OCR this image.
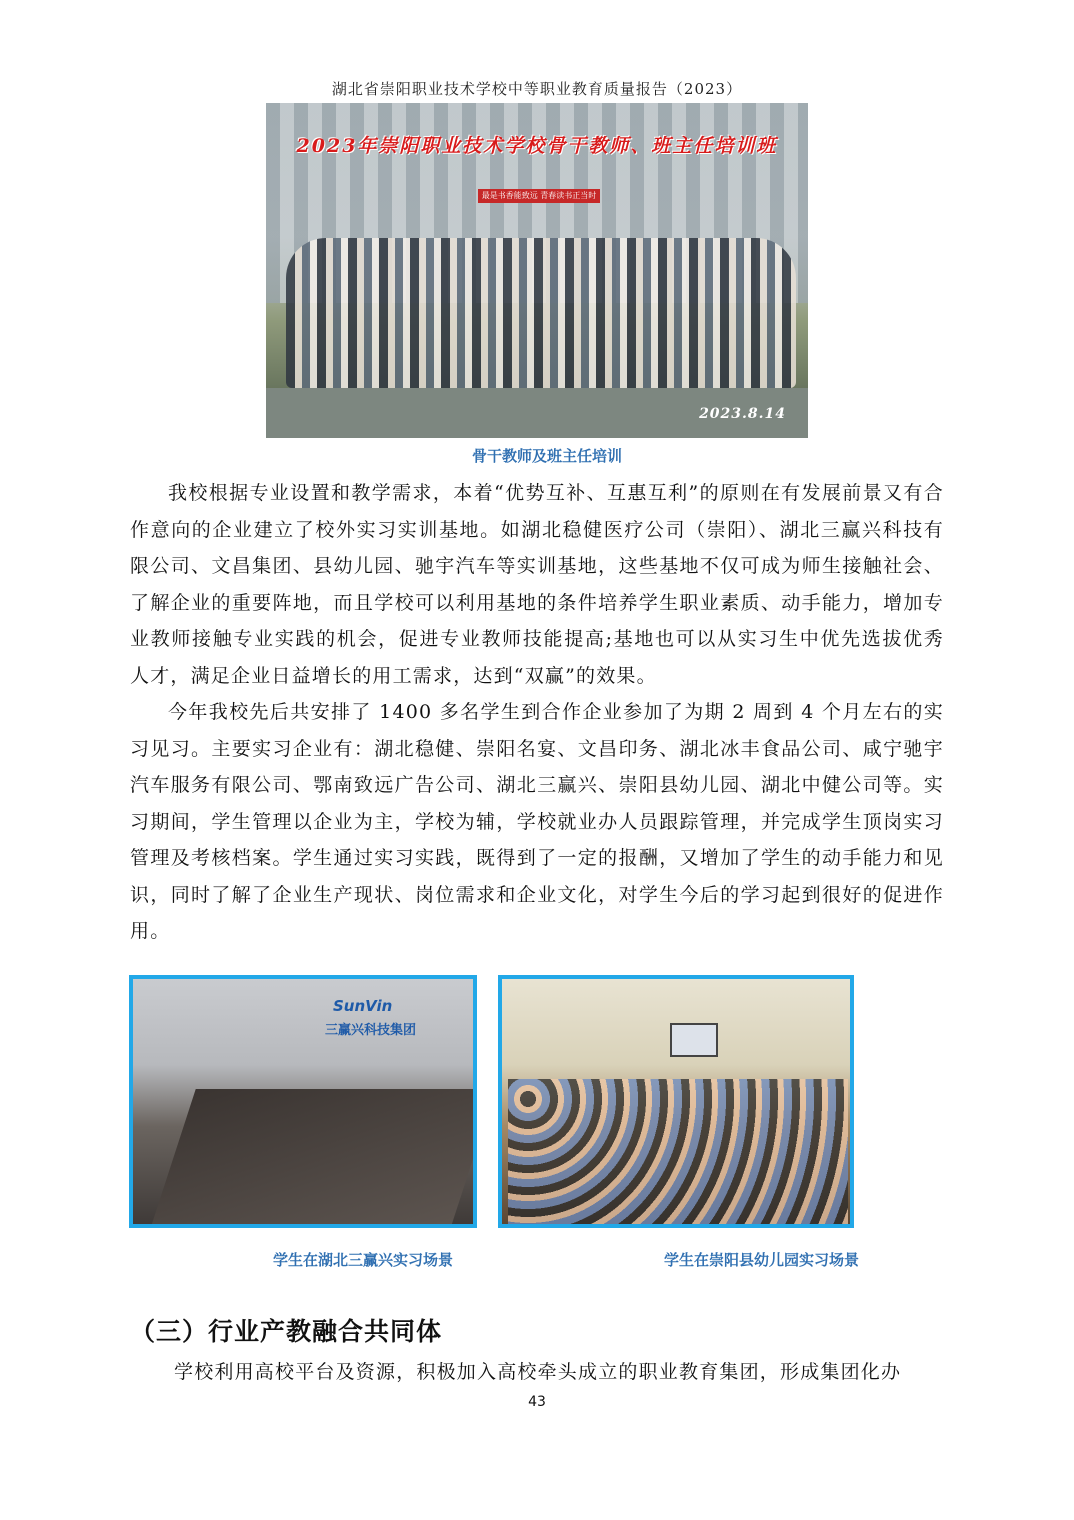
湖北省崇阳职业技术学校中等职业教育质量报告（2023）
2023年崇阳职业技术学校骨干教师、班主任培训班
最是书香能致远 青春读书正当时
2023.8.14
骨干教师及班主任培训

我校根据专业设置和教学需求，本着“优势互补、互惠互利”的原则在有发展前景又有合作意向的企业建立了校外实习实训基地。如湖北稳健医疗公司（崇阳）、湖北三赢兴科技有限公司、文昌集团、县幼儿园、驰宇汽车等实训基地，这些基地不仅可成为师生接触社会、了解企业的重要阵地，而且学校可以利用基地的条件培养学生职业素质、动手能力，增加专业教师接触专业实践的机会，促进专业教师技能提高;基地也可以从实习生中优先选拔优秀人才，满足企业日益增长的用工需求，达到“双赢”的效果。

今年我校先后共安排了 1400 多名学生到合作企业参加了为期 2 周到 4 个月左右的实习见习。主要实习企业有：湖北稳健、崇阳名宴、文昌印务、湖北冰丰食品公司、咸宁驰宇汽车服务有限公司、鄂南致远广告公司、湖北三赢兴、崇阳县幼儿园、湖北中健公司等。实习期间，学生管理以企业为主，学校为辅，学校就业办人员跟踪管理，并完成学生顶岗实习管理及考核档案。学生通过实习实践，既得到了一定的报酬，又增加了学生的动手能力和见识，同时了解了企业生产现状、岗位需求和企业文化，对学生今后的学习起到很好的促进作用。

SunVin
三赢兴科技集团
学生在湖北三赢兴实习场景	学生在崇阳县幼儿园实习场景
（三）行业产教融合共同体

学校利用高校平台及资源，积极加入高校牵头成立的职业教育集团，形成集团化办

43
